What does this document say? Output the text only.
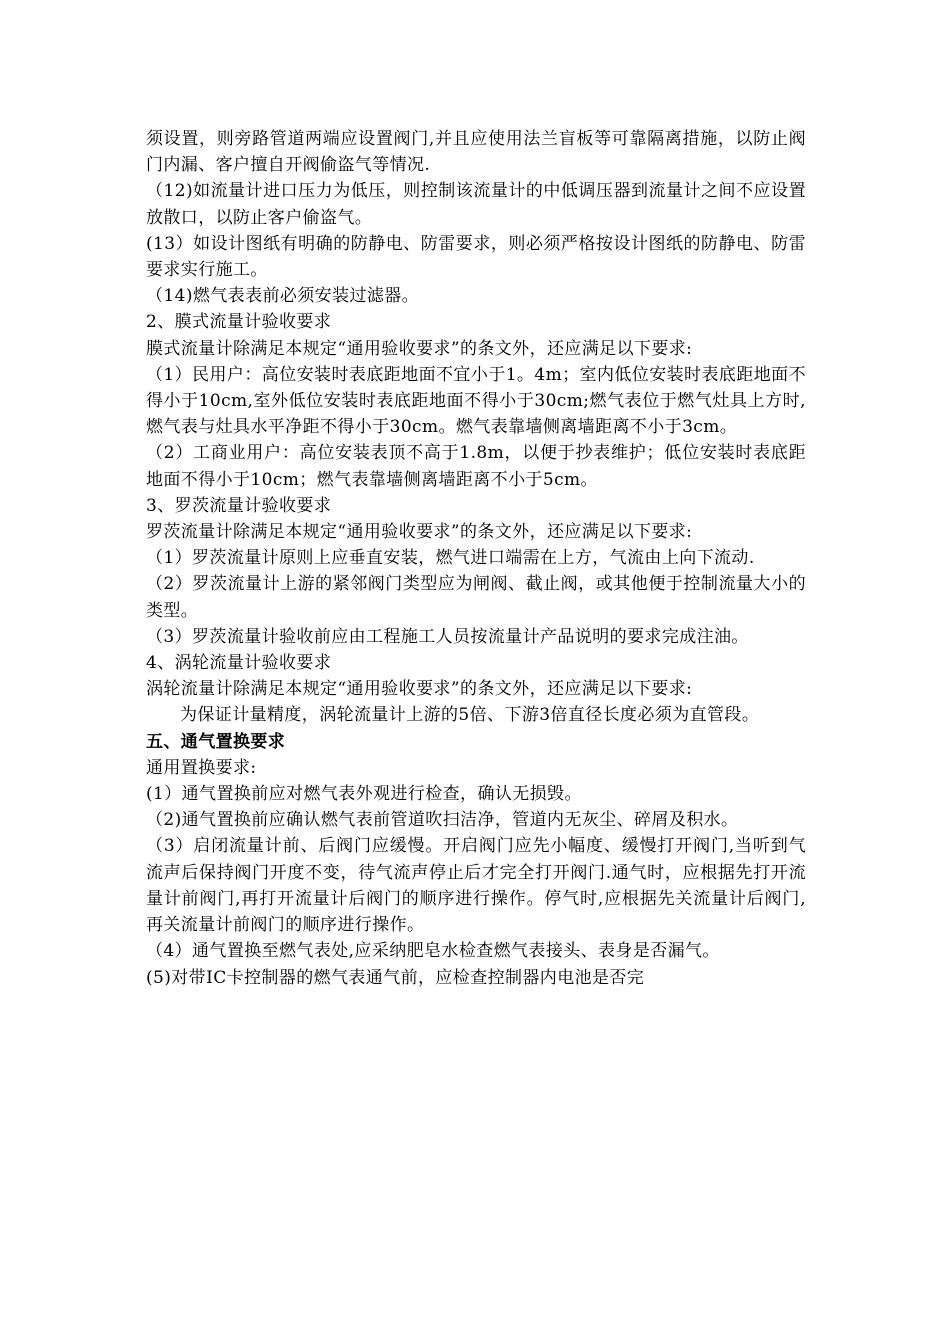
须设置，则旁路管道两端应设置阀门,并且应使用法兰盲板等可靠隔离措施，以防止阀门内漏、客户擅自开阀偷盗气等情况.

（12)如流量计进口压力为低压，则控制该流量计的中低调压器到流量计之间不应设置放散口，以防止客户偷盗气。

(13）如设计图纸有明确的防静电、防雷要求，则必须严格按设计图纸的防静电、防雷要求实行施工。

（14)燃气表表前必须安装过滤器。

2、膜式流量计验收要求

膜式流量计除满足本规定“通用验收要求”的条文外，还应满足以下要求:

（1）民用户：高位安装时表底距地面不宜小于1。4m；室内低位安装时表底距地面不得小于10cm,室外低位安装时表底距地面不得小于30cm;燃气表位于燃气灶具上方时,燃气表与灶具水平净距不得小于30cm。燃气表靠墙侧离墙距离不小于3cm。

（2）工商业用户：高位安装表顶不高于1.8m，以便于抄表维护；低位安装时表底距地面不得小于10cm；燃气表靠墙侧离墙距离不小于5cm。

3、罗茨流量计验收要求

罗茨流量计除满足本规定“通用验收要求”的条文外，还应满足以下要求:

（1）罗茨流量计原则上应垂直安装，燃气进口端需在上方，气流由上向下流动.

（2）罗茨流量计上游的紧邻阀门类型应为闸阀、截止阀，或其他便于控制流量大小的类型。

（3）罗茨流量计验收前应由工程施工人员按流量计产品说明的要求完成注油。

4、涡轮流量计验收要求

涡轮流量计除满足本规定“通用验收要求”的条文外，还应满足以下要求:

为保证计量精度，涡轮流量计上游的5倍、下游3倍直径长度必须为直管段。

五、通气置换要求

通用置换要求:

(1）通气置换前应对燃气表外观进行检查，确认无损毁。

（2)通气置换前应确认燃气表前管道吹扫洁净，管道内无灰尘、碎屑及积水。

（3）启闭流量计前、后阀门应缓慢。开启阀门应先小幅度、缓慢打开阀门,当听到气流声后保持阀门开度不变，待气流声停止后才完全打开阀门.通气时，应根据先打开流量计前阀门,再打开流量计后阀门的顺序进行操作。停气时,应根据先关流量计后阀门,再关流量计前阀门的顺序进行操作。

（4）通气置换至燃气表处,应采纳肥皂水检查燃气表接头、表身是否漏气。

(5)对带IC卡控制器的燃气表通气前，应检查控制器内电池是否完
